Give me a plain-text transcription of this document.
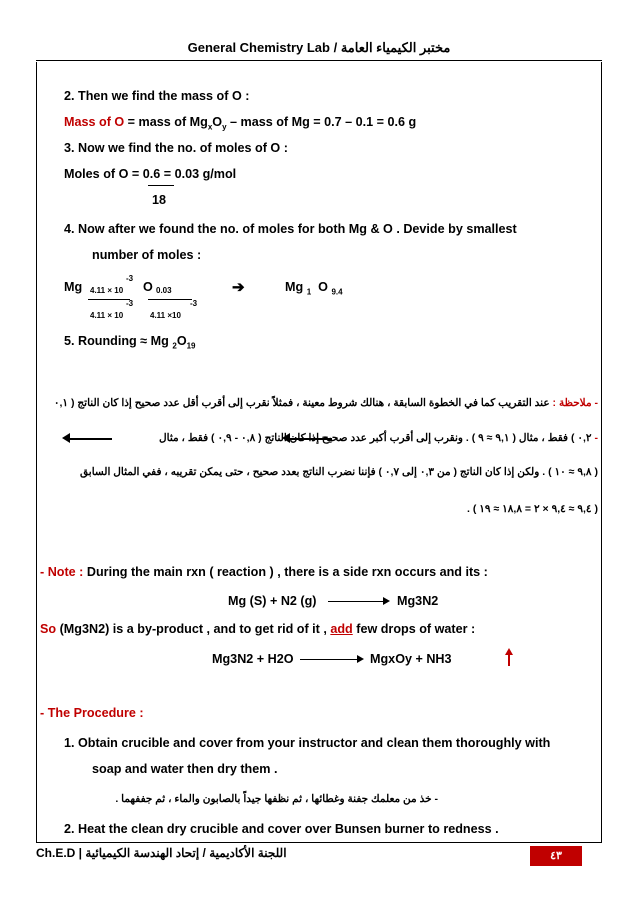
General Chemistry Lab / مختبر الكيمياء العامة
2. Then we find the mass of O :
Mass of O = mass of $Mg_xO_y$ – mass of Mg = 0.7 – 0.1 = 0.6 g
3. Now we find the no. of moles of O :
Moles of O = 0.6 = 0.03 g/mol
18
4. Now after we found the no. of moles for both Mg & O . Devide by smallest
number of moles :
Mg 4.11 × 10
-3
O 0.03
-3	-3
4.11 × 10	4.11 ×10
➔	Mg $_1$ O $_{9.4}$
5. Rounding ≈ Mg $_2O_{19}$
- ملاحظة : عند التقريب كما في الخطوة السابقة ، هنالك شروط معينة ، فمثلاً نقرب إلى أقرب أقل عدد صحيح إذا كان الناتج ( ٠,١
- ٠,٢ ) فقط ، مثال ( ٩,١ ≈ ٩ ) . ونقرب إلى أقرب أكبر عدد صحيح إذا كان الناتج ( ٠,٨ - ٠,٩ ) فقط ، مثال
( ٩,٨ ≈ ١٠ ) . ولكن إذا كان الناتج ( من ٠,٣ إلى ٠,٧ ) فإننا نضرب الناتج بعدد صحيح ، حتى يمكن تقريبه ، ففي المثال السابق
( ٩,٤ ≈ ٩,٤ × ٢ = ١٨,٨ ≈ ١٩ ) .
- Note : During the main rxn ( reaction ) , there is a side rxn occurs and its :
Mg (S) + N2 (g)	Mg3N2
So (Mg3N2) is a by-product , and to get rid of it , add few drops of water :
Mg3N2 + H2O	MgxOy + NH3
- The Procedure :
1. Obtain crucible and cover from your instructor and clean them thoroughly with
soap and water then dry them .
- خذ من معلمك جفنة وغطائها ، ثم نظفها جيداً بالصابون والماء ، ثم جففهما .
2. Heat the clean dry crucible and cover over Bunsen burner to redness .
Ch.E.D | اللجنة الأكاديمية / إتحاد الهندسة الكيميائية	٤٣
